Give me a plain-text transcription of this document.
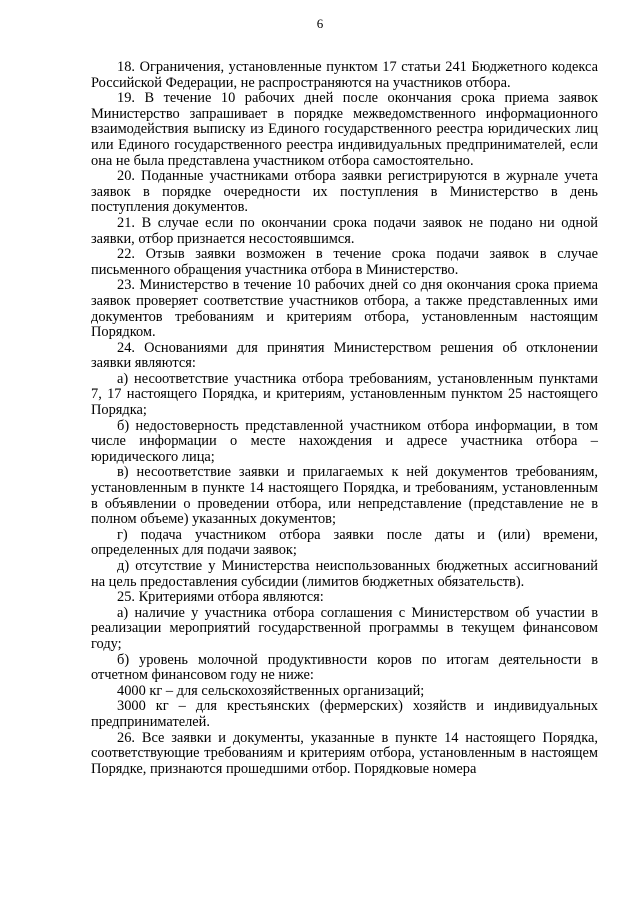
6

18. Ограничения, установленные пунктом 17 статьи 241 Бюджетного кодекса Российской Федерации, не распространяются на участников отбора.

19. В течение 10 рабочих дней после окончания срока приема заявок Министерство запрашивает в порядке межведомственного информационного взаимодействия выписку из Единого государственного реестра юридических лиц или Единого государственного реестра индивидуальных предпринимателей, если она не была представлена участником отбора самостоятельно.

20. Поданные участниками отбора заявки регистрируются в журнале учета заявок в порядке очередности их поступления в Министерство в день поступления документов.

21. В случае если по окончании срока подачи заявок не подано ни одной заявки, отбор признается несостоявшимся.

22. Отзыв заявки возможен в течение срока подачи заявок в случае письменного обращения участника отбора в Министерство.

23. Министерство в течение 10 рабочих дней со дня окончания срока приема заявок проверяет соответствие участников отбора, а также представленных ими документов требованиям и критериям отбора, установленным настоящим Порядком.

24. Основаниями для принятия Министерством решения об отклонении заявки являются:

а) несоответствие участника отбора требованиям, установленным пунктами 7, 17 настоящего Порядка, и критериям, установленным пунктом 25 настоящего Порядка;

б) недостоверность представленной участником отбора информации, в том числе информации о месте нахождения и адресе участника отбора – юридического лица;

в) несоответствие заявки и прилагаемых к ней документов требованиям, установленным в пункте 14 настоящего Порядка, и требованиям, установленным в объявлении о проведении отбора, или непредставление (представление не в полном объеме) указанных документов;

г) подача участником отбора заявки после даты и (или) времени, определенных для подачи заявок;

д) отсутствие у Министерства неиспользованных бюджетных ассигнований на цель предоставления субсидии (лимитов бюджетных обязательств).

25. Критериями отбора являются:

а) наличие у участника отбора соглашения с Министерством об участии в реализации мероприятий государственной программы в текущем финансовом году;

б) уровень молочной продуктивности коров по итогам деятельности в отчетном финансовом году не ниже:

4000 кг – для сельскохозяйственных организаций;

3000 кг – для крестьянских (фермерских) хозяйств и индивидуальных предпринимателей.

26. Все заявки и документы, указанные в пункте 14 настоящего Порядка, соответствующие требованиям и критериям отбора, установленным в настоящем Порядке, признаются прошедшими отбор. Порядковые номера
